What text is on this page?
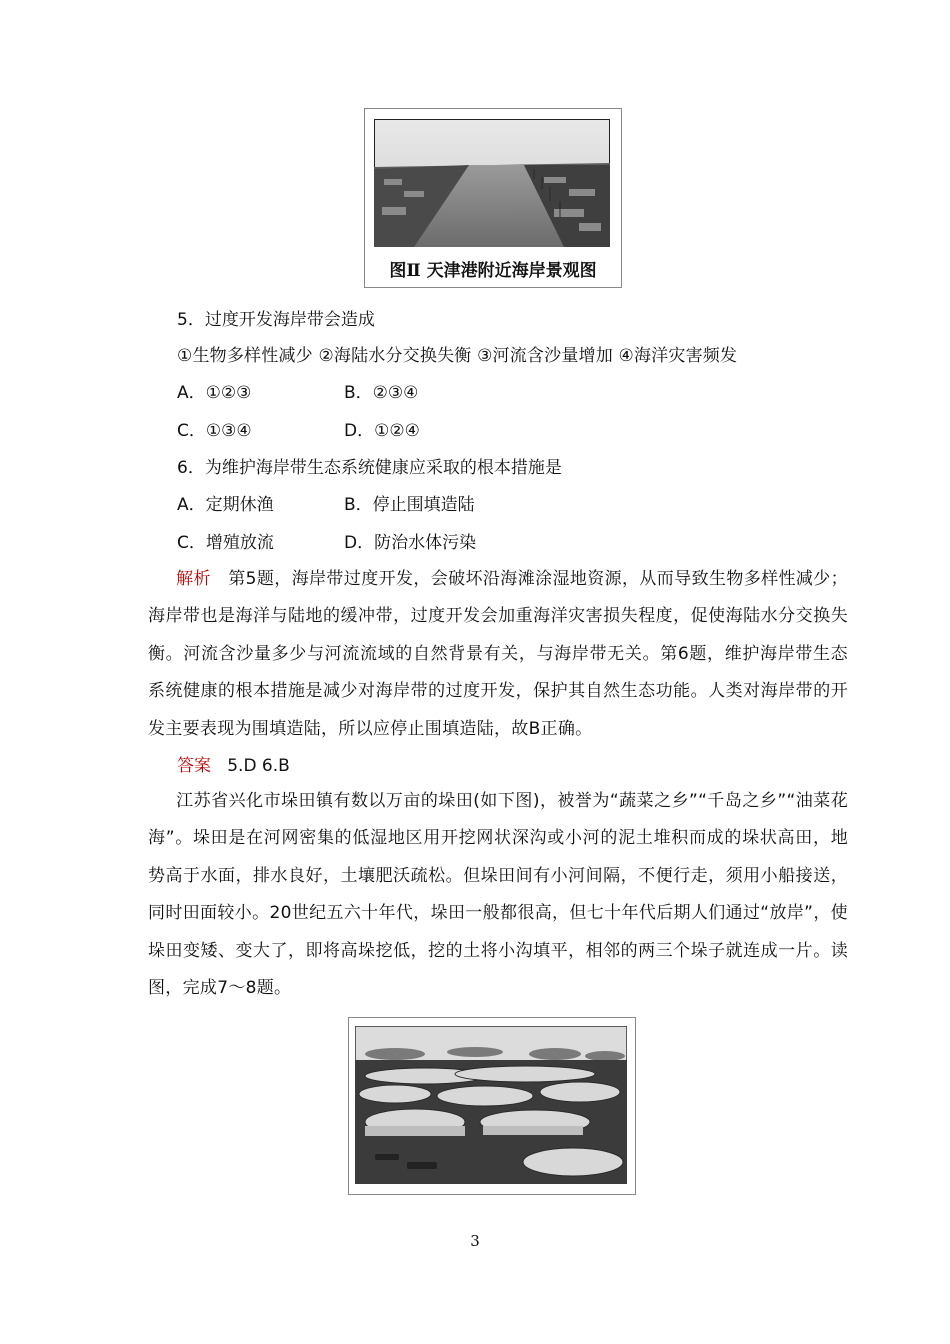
图Ⅱ 天津港附近海岸景观图
5．过度开发海岸带会造成
①生物多样性减少 ②海陆水分交换失衡 ③河流含沙量增加 ④海洋灾害频发
A．①②③	B．②③④
C．①③④	D．①②④
6．为维护海岸带生态系统健康应采取的根本措施是
A．定期休渔	B．停止围填造陆
C．增殖放流	D．防治水体污染
解析 第5题，海岸带过度开发，会破坏沿海滩涂湿地资源，从而导致生物多样性减少；海岸带也是海洋与陆地的缓冲带，过度开发会加重海洋灾害损失程度，促使海陆水分交换失衡。河流含沙量多少与河流流域的自然背景有关，与海岸带无关。第6题，维护海岸带生态系统健康的根本措施是减少对海岸带的过度开发，保护其自然生态功能。人类对海岸带的开发主要表现为围填造陆，所以应停止围填造陆，故B正确。
答案 5.D 6.B
江苏省兴化市垛田镇有数以万亩的垛田(如下图)，被誉为“蔬菜之乡”“千岛之乡”“油菜花海”。垛田是在河网密集的低湿地区用开挖网状深沟或小河的泥土堆积而成的垛状高田，地势高于水面，排水良好，土壤肥沃疏松。但垛田间有小河间隔，不便行走，须用小船接送，同时田面较小。20世纪五六十年代，垛田一般都很高，但七十年代后期人们通过“放岸”，使垛田变矮、变大了，即将高垛挖低，挖的土将小沟填平，相邻的两三个垛子就连成一片。读图，完成7～8题。
3
